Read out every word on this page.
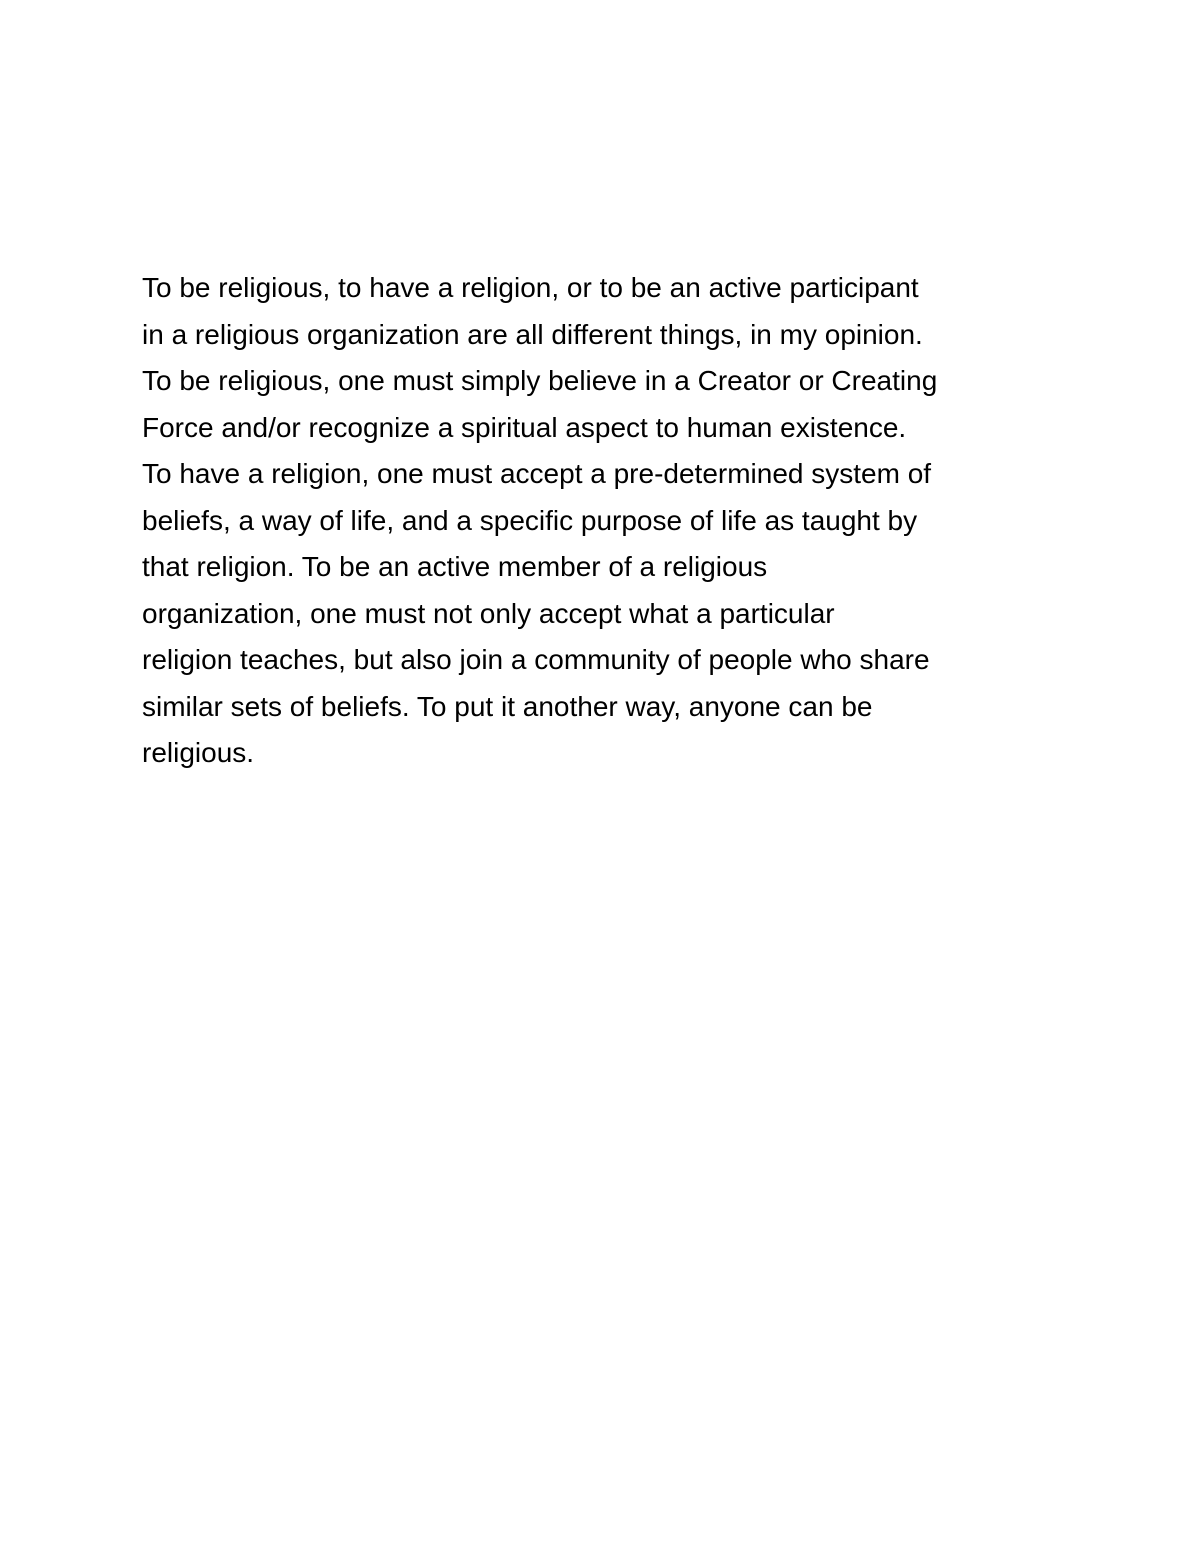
To be religious, to have a religion, or to be an active participant
in a religious organization are all different things, in my opinion.
To be religious, one must simply believe in a Creator or Creating
Force and/or recognize a spiritual aspect to human existence.
To have a religion, one must accept a pre-determined system of
beliefs, a way of life, and a specific purpose of life as taught by
that religion. To be an active member of a religious
organization, one must not only accept what a particular
religion teaches, but also join a community of people who share
similar sets of beliefs. To put it another way, anyone can be
religious.
